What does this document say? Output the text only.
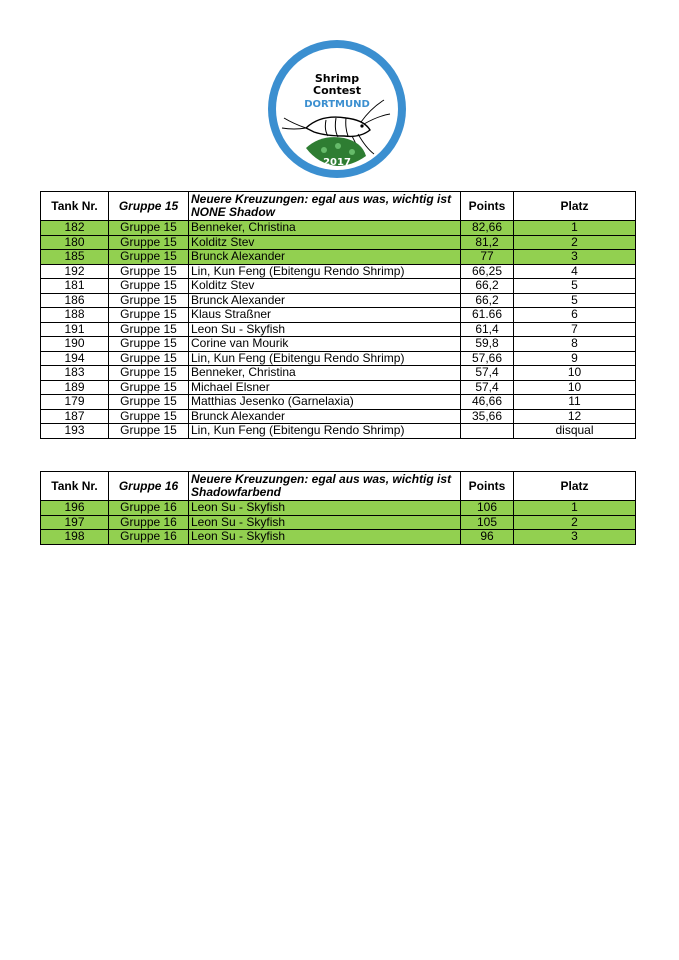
The German International
Shrimp
Contest
DORTMUND
2017
Tank Nr.	Gruppe 15	Neuere Kreuzungen: egal aus was, wichtig ist NONE Shadow	Points	Platz
182	Gruppe 15	Benneker, Christina	82,66	1
180	Gruppe 15	Kolditz Stev	81,2	2
185	Gruppe 15	Brunck Alexander	77	3
192	Gruppe 15	Lin, Kun Feng (Ebitengu Rendo Shrimp)	66,25	4
181	Gruppe 15	Kolditz Stev	66,2	5
186	Gruppe 15	Brunck Alexander	66,2	5
188	Gruppe 15	Klaus Straßner	61.66	6
191	Gruppe 15	Leon Su - Skyfish	61,4	7
190	Gruppe 15	Corine van Mourik	59,8	8
194	Gruppe 15	Lin, Kun Feng (Ebitengu Rendo Shrimp)	57,66	9
183	Gruppe 15	Benneker, Christina	57,4	10
189	Gruppe 15	Michael Elsner	57,4	10
179	Gruppe 15	Matthias Jesenko (Garnelaxia)	46,66	11
187	Gruppe 15	Brunck Alexander	35,66	12
193	Gruppe 15	Lin, Kun Feng (Ebitengu Rendo Shrimp)		disqual
Tank Nr.	Gruppe 16	Neuere Kreuzungen: egal aus was, wichtig ist Shadowfarbend	Points	Platz
196	Gruppe 16	Leon Su - Skyfish	106	1
197	Gruppe 16	Leon Su - Skyfish	105	2
198	Gruppe 16	Leon Su - Skyfish	96	3
